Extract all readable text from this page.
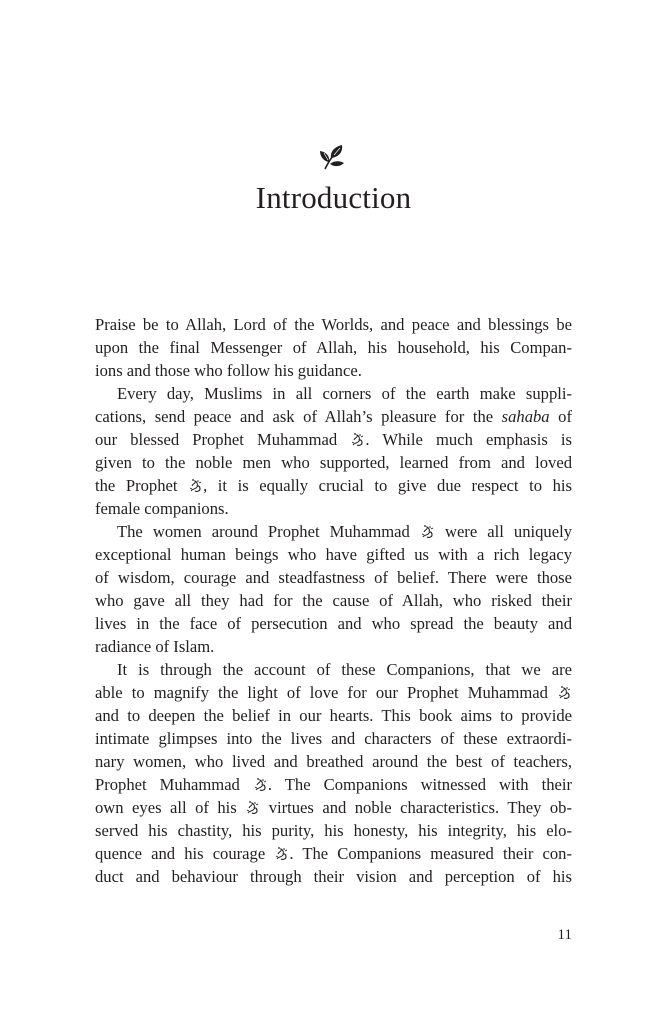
Introduction
Praise be to Allah, Lord of the Worlds, and peace and blessings be
upon the final Messenger of Allah, his household, his Compan-
ions and those who follow his guidance.
Every day, Muslims in all corners of the earth make suppli-
cations, send peace and ask of Allah’s pleasure for the sahaba of
our blessed Prophet Muhammad
. While much emphasis is
given to the noble men who supported, learned from and loved
the Prophet
, it is equally crucial to give due respect to his
female companions.
The women around Prophet Muhammad
were all uniquely
exceptional human beings who have gifted us with a rich legacy
of wisdom, courage and steadfastness of belief. There were those
who gave all they had for the cause of Allah, who risked their
lives in the face of persecution and who spread the beauty and
radiance of Islam.
It is through the account of these Companions, that we are
able to magnify the light of love for our Prophet Muhammad
and to deepen the belief in our hearts. This book aims to provide
intimate glimpses into the lives and characters of these extraordi-
nary women, who lived and breathed around the best of teachers,
Prophet Muhammad
. The Companions witnessed with their
own eyes all of his
virtues and noble characteristics. They ob-
served his chastity, his purity, his honesty, his integrity, his elo-
quence and his courage
. The Companions measured their con-
duct and behaviour through their vision and perception of his
11
